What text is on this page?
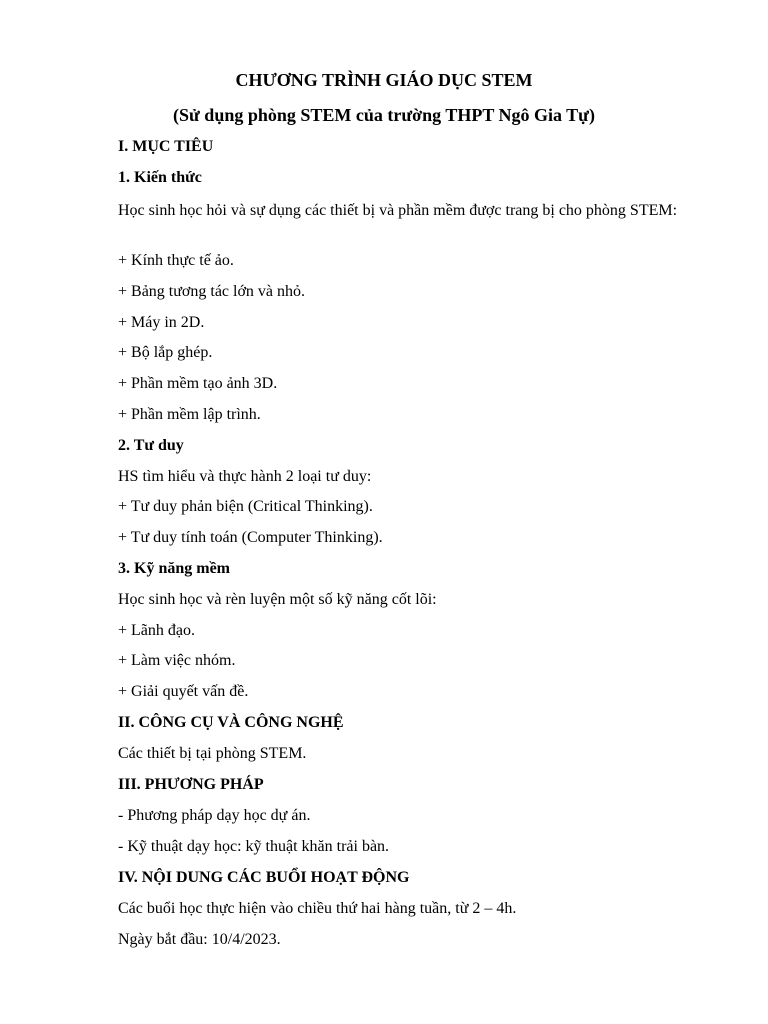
CHƯƠNG TRÌNH GIÁO DỤC STEM
(Sử dụng phòng STEM của trường THPT Ngô Gia Tự)
I. MỤC TIÊU
1. Kiến thức
Học sinh học hỏi và sự dụng các thiết bị và phần mềm được trang bị cho phòng STEM:
+ Kính thực tế ảo.
+ Bảng tương tác lớn và nhỏ.
+ Máy in 2D.
+ Bộ lắp ghép.
+ Phần mềm tạo ảnh 3D.
+ Phần mềm lập trình.
2. Tư duy
HS tìm hiểu và thực hành 2 loại tư duy:
+ Tư duy phản biện (Critical Thinking).
+ Tư duy tính toán (Computer Thinking).
3. Kỹ năng mềm
Học sinh học và rèn luyện một số kỹ năng cốt lõi:
+ Lãnh đạo.
+ Làm việc nhóm.
+ Giải quyết vấn đề.
II. CÔNG CỤ VÀ CÔNG NGHỆ
Các thiết bị tại phòng STEM.
III. PHƯƠNG PHÁP
- Phương pháp dạy học dự án.
- Kỹ thuật dạy học: kỹ thuật khăn trải bàn.
IV. NỘI DUNG CÁC BUỔI HOẠT ĐỘNG
Các buổi học thực hiện vào chiều thứ hai hàng tuần, từ 2 – 4h.
Ngày bắt đầu: 10/4/2023.
